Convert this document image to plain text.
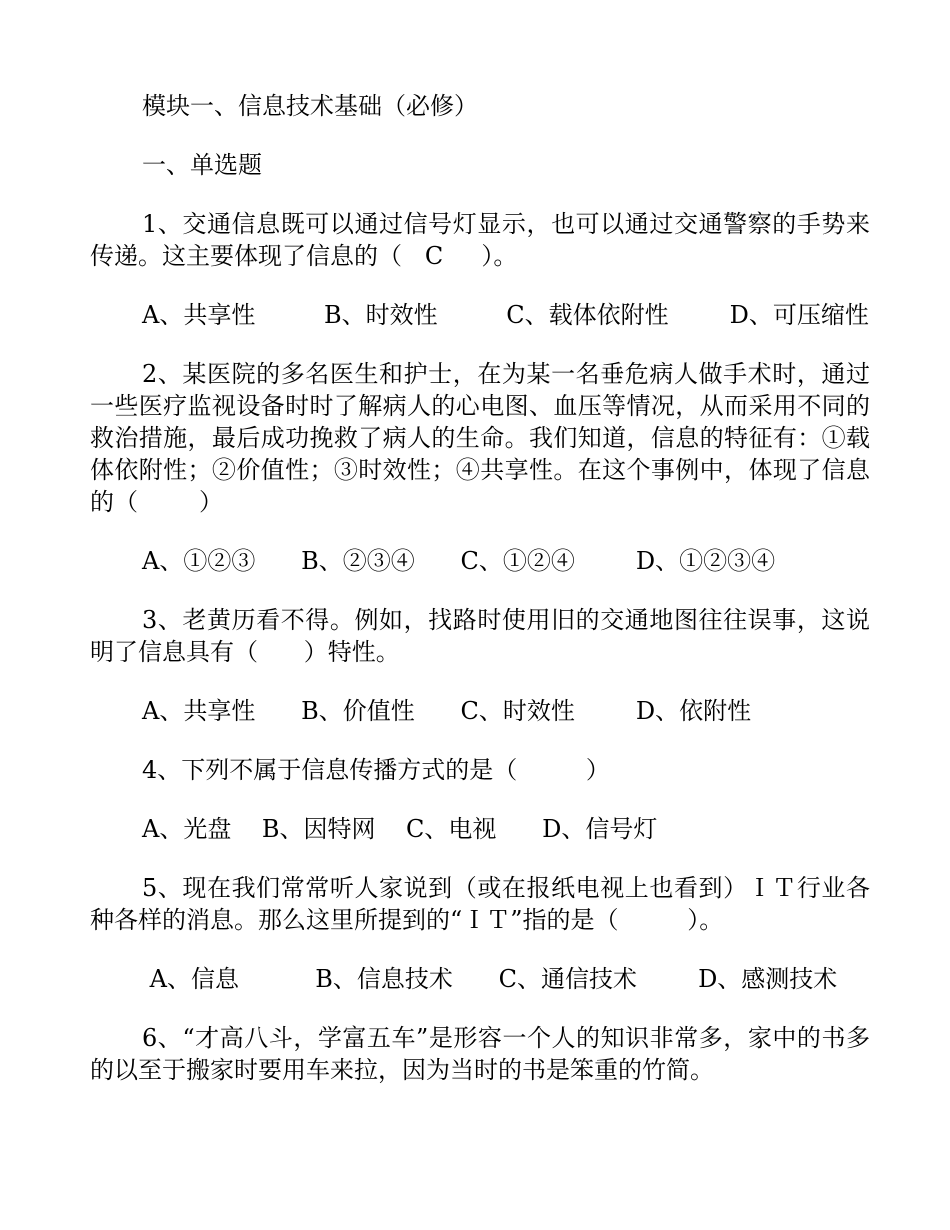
模块一、信息技术基础（必修）

一、单选题

1、交通信息既可以通过信号灯显示，也可以通过交通警察的手势来传递。这主要体现了信息的（   C     ）。

A、共享性         B、时效性         C、载体依附性        D、可压缩性

2、某医院的多名医生和护士，在为某一名垂危病人做手术时，通过一些医疗监视设备时时了解病人的心电图、血压等情况，从而采用不同的救治措施，最后成功挽救了病人的生命。我们知道，信息的特征有：①载体依附性；②价值性；③时效性；④共享性。在这个事例中，体现了信息的（        ）

A、①②③      B、②③④      C、①②④        D、①②③④

3、老黄历看不得。例如，找路时使用旧的交通地图往往误事，这说明了信息具有（      ）特性。

A、共享性      B、价值性      C、时效性        D、依附性

4、下列不属于信息传播方式的是（         ）

A、光盘    B、因特网    C、电视      D、信号灯

5、现在我们常常听人家说到（或在报纸电视上也看到）ＩＴ行业各种各样的消息。那么这里所提到的“ＩＴ”指的是（         ）。

A、信息          B、信息技术      C、通信技术        D、感测技术

6、“才高八斗，学富五车”是形容一个人的知识非常多，家中的书多的以至于搬家时要用车来拉，因为当时的书是笨重的竹简。
